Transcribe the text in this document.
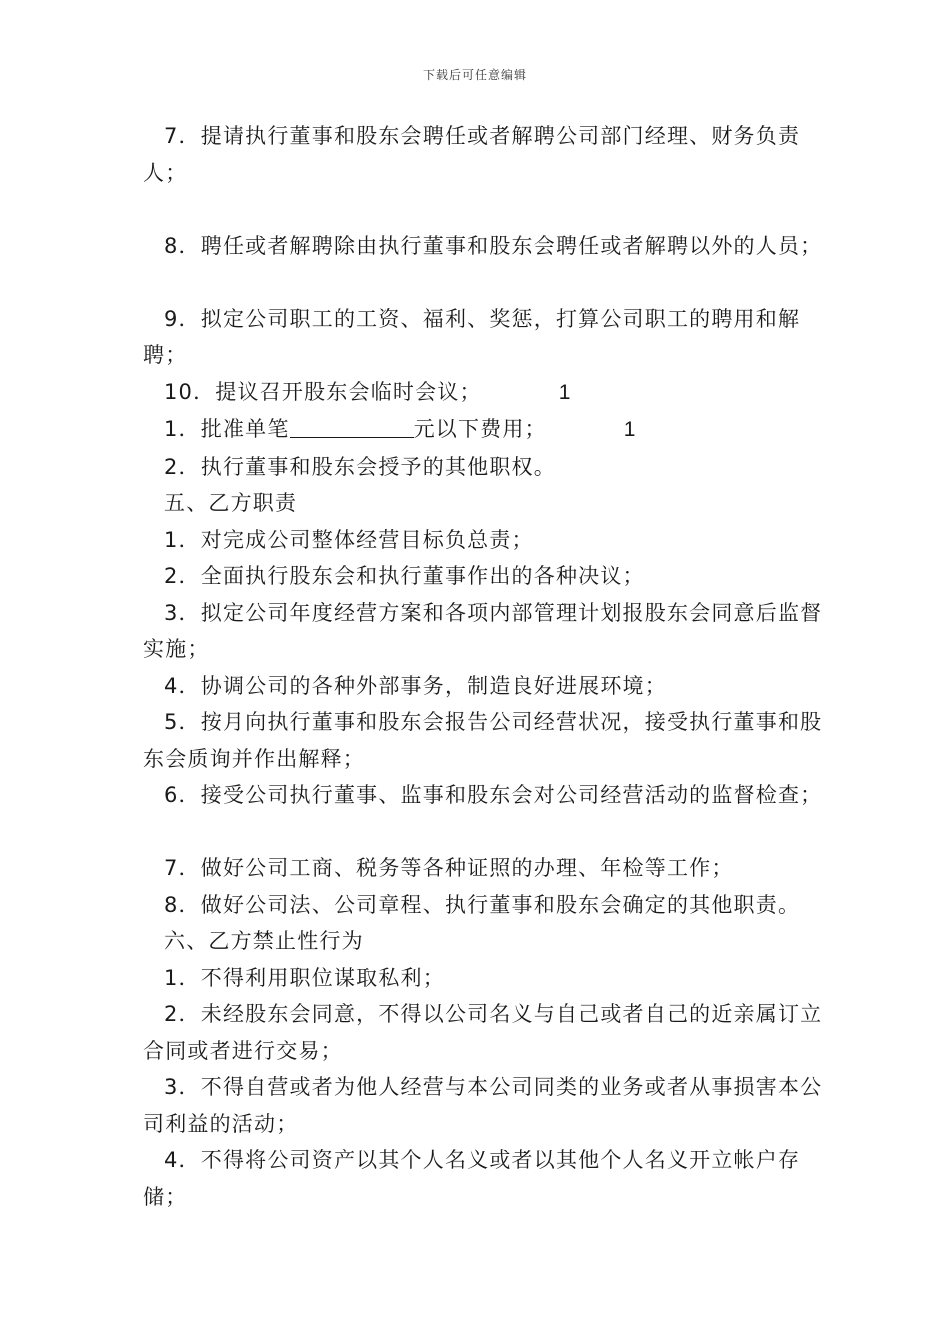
下载后可任意编辑

7．提请执行董事和股东会聘任或者解聘公司部门经理、财务负责人；

8．聘任或者解聘除由执行董事和股东会聘任或者解聘以外的人员；

9．拟定公司职工的工资、福利、奖惩，打算公司职工的聘用和解聘；

10．提议召开股东会临时会议；	1

1．批准单笔	元以下费用；	1

2．执行董事和股东会授予的其他职权。

五、乙方职责

1．对完成公司整体经营目标负总责；

2．全面执行股东会和执行董事作出的各种决议；

3．拟定公司年度经营方案和各项内部管理计划报股东会同意后监督实施；

4．协调公司的各种外部事务，制造良好进展环境；

5．按月向执行董事和股东会报告公司经营状况，接受执行董事和股东会质询并作出解释；

6．接受公司执行董事、监事和股东会对公司经营活动的监督检查；

7．做好公司工商、税务等各种证照的办理、年检等工作；

8．做好公司法、公司章程、执行董事和股东会确定的其他职责。

六、乙方禁止性行为

1．不得利用职位谋取私利；

2．未经股东会同意，不得以公司名义与自己或者自己的近亲属订立合同或者进行交易；

3．不得自营或者为他人经营与本公司同类的业务或者从事损害本公司利益的活动；

4．不得将公司资产以其个人名义或者以其他个人名义开立帐户存储；
